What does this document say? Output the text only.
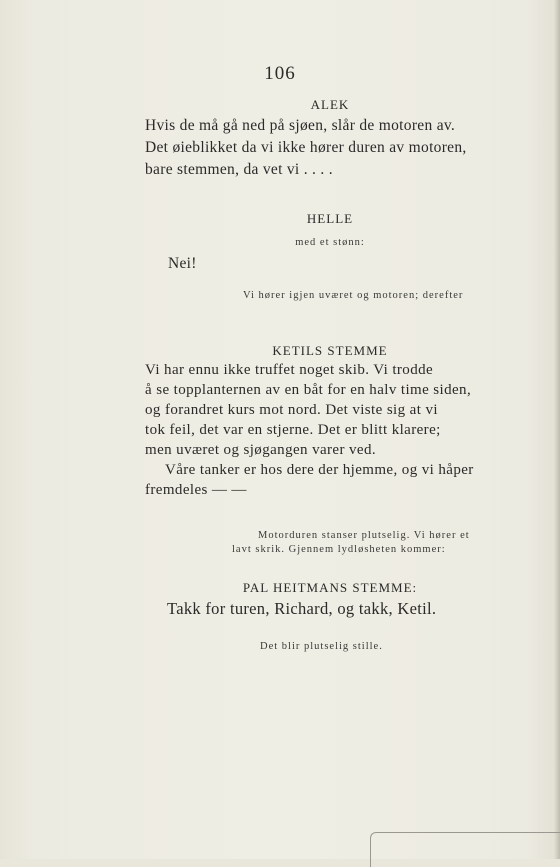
106
ALEK
Hvis de må gå ned på sjøen, slår de motoren av.
Det øieblikket da vi ikke hører duren av motoren,
bare stemmen, da vet vi . . . .
HELLE
med et stønn:
Nei!
Vi hører igjen uværet og motoren; derefter
KETILS STEMME
Vi har ennu ikke truffet noget skib. Vi trodde
å se topplanternen av en båt for en halv time siden,
og forandret kurs mot nord. Det viste sig at vi
tok feil, det var en stjerne. Det er blitt klarere;
men uværet og sjøgangen varer ved.
Våre tanker er hos dere der hjemme, og vi håper
fremdeles — —
Motorduren stanser plutselig. Vi hører et
lavt skrik. Gjennem lydløsheten kommer:
PAL HEITMANS STEMME:
Takk for turen, Richard, og takk, Ketil.
Det blir plutselig stille.
